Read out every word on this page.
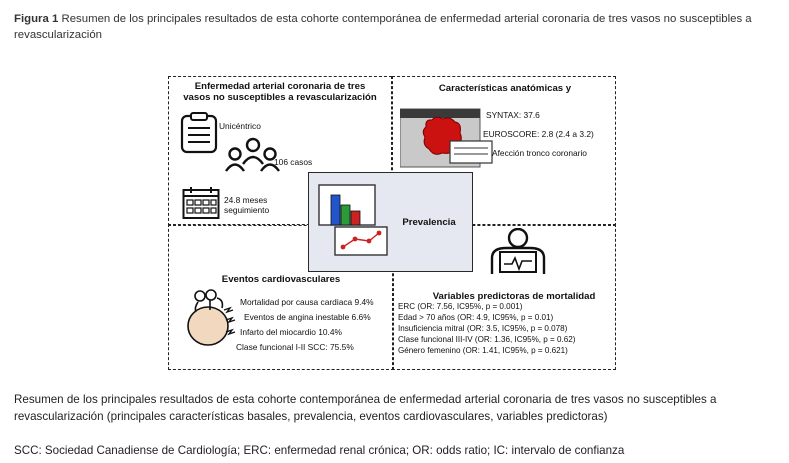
Figura 1 Resumen de los principales resultados de esta cohorte contemporánea de enfermedad arterial coronaria de tres vasos no susceptibles a revascularización
Enfermedad arterial coronaria de tres
vasos no susceptibles a revascularización
Unicéntrico
106 casos
24.8 meses
seguimiento
Características anatómicas y
SYNTAX: 37.6
EUROSCORE: 2.8 (2.4 a 3.2)
Afección tronco coronario
Eventos cardiovasculares
Mortalidad por causa cardiaca 9.4%
Eventos de angina inestable 6.6%
Infarto del miocardio 10.4%
Clase funcional I-II SCC: 75.5%
Variables predictoras de mortalidad
ERC (OR: 7.56, IC95%, p = 0.001)
Edad > 70 años (OR: 4.9, IC95%, p = 0.01)
Insuficiencia mitral (OR: 3.5, IC95%, p = 0.078)
Clase funcional III-IV (OR: 1.36, IC95%, p = 0.62)
Género femenino (OR: 1.41, IC95%, p = 0.621)
Prevalencia
Resumen de los principales resultados de esta cohorte contemporánea de enfermedad arterial coronaria de tres vasos no susceptibles a revascularización (principales características basales, prevalencia, eventos cardiovasculares, variables predictoras)
SCC: Sociedad Canadiense de Cardiología; ERC: enfermedad renal crónica; OR: odds ratio; IC: intervalo de confianza
